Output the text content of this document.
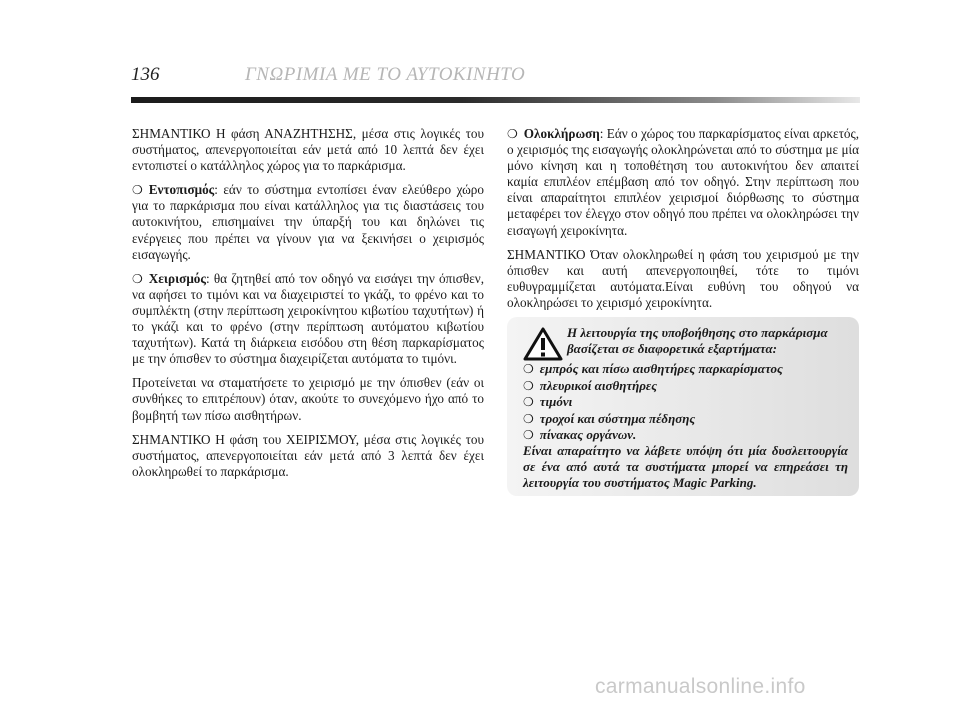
136	ΓΝΩΡΙΜΙΑ ΜΕ ΤΟ ΑΥΤΟΚΙΝΗΤΟ

ΣΗΜΑΝΤΙΚΟ Η φάση ΑΝΑΖΗΤΗΣΗΣ, μέσα στις λογικές του συστήματος, απενεργοποιείται εάν μετά από 10 λεπτά δεν έχει εντοπιστεί ο κατάλληλος χώρος για το παρκάρισμα.

❍ Εντοπισμός: εάν το σύστημα εντοπίσει έναν ελεύθερο χώρο για το παρκάρισμα που είναι κατάλληλος για τις διαστάσεις του αυτοκινήτου, επισημαίνει την ύπαρξή του και δηλώνει τις ενέργειες που πρέπει να γίνουν για να ξεκινήσει ο χειρισμός εισαγωγής.

❍ Χειρισμός: θα ζητηθεί από τον οδηγό να εισάγει την όπισθεν, να αφήσει το τιμόνι και να διαχειριστεί το γκάζι, το φρένο και το συμπλέκτη (στην περίπτωση χειροκίνητου κιβωτίου ταχυτήτων) ή το γκάζι και το φρένο (στην περίπτωση αυτόματου κιβωτίου ταχυτήτων). Κατά τη διάρκεια εισόδου στη θέση παρκαρίσματος με την όπισθεν το σύστημα διαχειρίζεται αυτόματα το τιμόνι.

Προτείνεται να σταματήσετε το χειρισμό με την όπισθεν (εάν οι συνθήκες το επιτρέπουν) όταν, ακούτε το συνεχόμενο ήχο από το βομβητή των πίσω αισθητήρων.

ΣΗΜΑΝΤΙΚΟ Η φάση του ΧΕΙΡΙΣΜΟΥ, μέσα στις λογικές του συστήματος, απενεργοποιείται εάν μετά από 3 λεπτά δεν έχει ολοκληρωθεί το παρκάρισμα.

❍ Ολοκλήρωση: Εάν ο χώρος του παρκαρίσματος είναι αρκετός, ο χειρισμός της εισαγωγής ολοκληρώνεται από το σύστημα με μία μόνο κίνηση και η τοποθέτηση του αυτοκινήτου δεν απαιτεί καμία επιπλέον επέμβαση από τον οδηγό. Στην περίπτωση που είναι απαραίτητοι επιπλέον χειρισμοί διόρθωσης το σύστημα μεταφέρει τον έλεγχο στον οδηγό που πρέπει να ολοκληρώσει την εισαγωγή χειροκίνητα.

ΣΗΜΑΝΤΙΚΟ Όταν ολοκληρωθεί η φάση του χειρισμού με την όπισθεν και αυτή απενεργοποιηθεί, τότε το τιμόνι ευθυγραμμίζεται αυτόματα.Είναι ευθύνη του οδηγού να ολοκληρώσει το χειρισμό χειροκίνητα.

Η λειτουργία της υποβοήθησης στο παρκάρισμα βασίζεται σε διαφορετικά εξαρτήματα:
❍ εμπρός και πίσω αισθητήρες παρκαρίσματος
❍ πλευρικοί αισθητήρες
❍ τιμόνι
❍ τροχοί και σύστημα πέδησης
❍ πίνακας οργάνων.
Είναι απαραίτητο να λάβετε υπόψη ότι μία δυσλειτουργία σε ένα από αυτά τα συστήματα μπορεί να επηρεάσει τη λειτουργία του συστήματος Magic Parking.
carmanualsonline.info
